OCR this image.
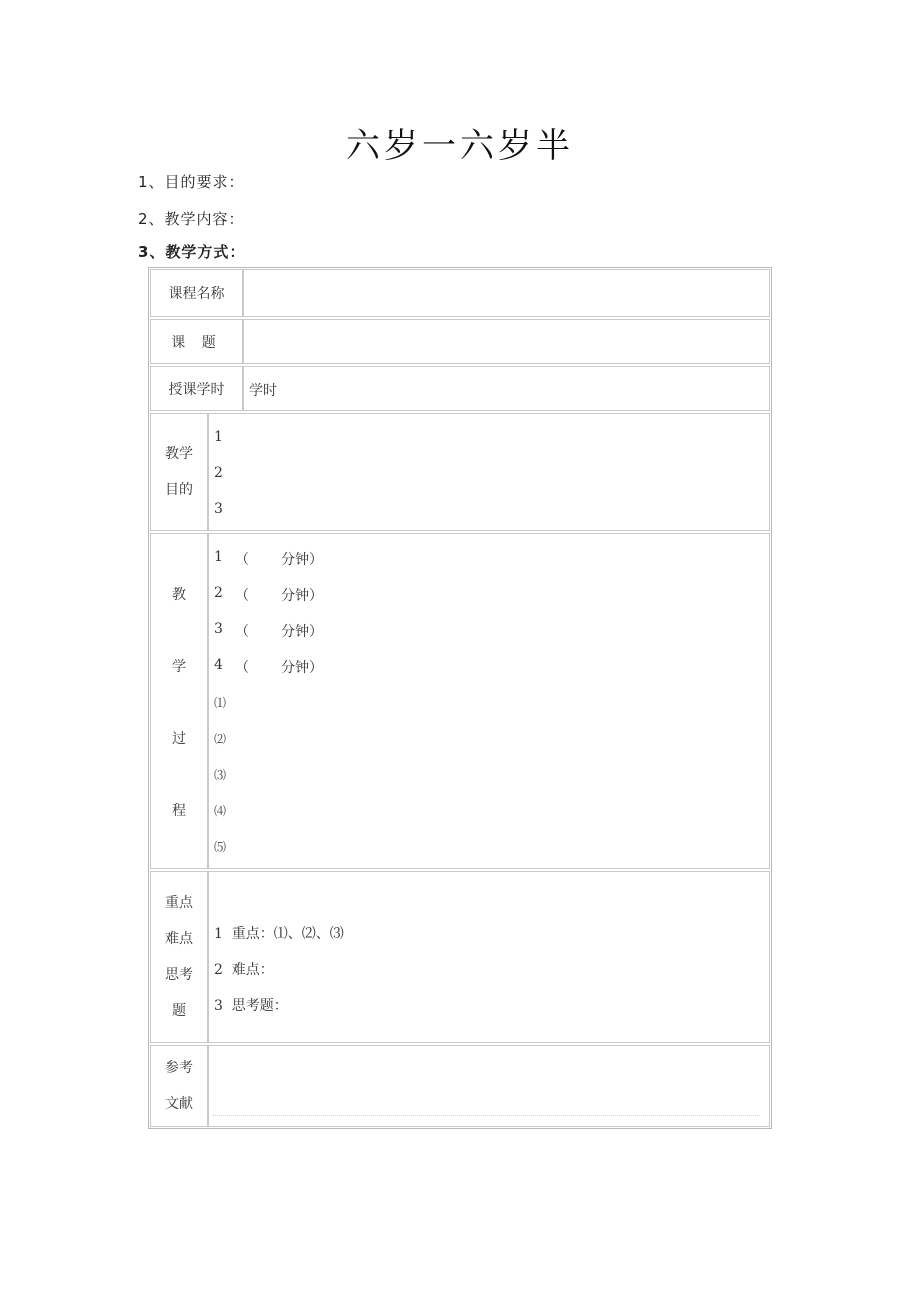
六岁一六岁半
1、目的要求：
2、教学内容：
3、教学方式：
课程名称
课 题
授课学时 学时
教学
目的
1
2
3
教
学
过
程
1 （ 分钟）
2 （ 分钟）
3 （ 分钟）
4 （ 分钟）
⑴
⑵
⑶
⑷
⑸
重点
难点
思考
题
1  重点：⑴、⑵、⑶
2  难点：
3  思考题：
参考
文献
